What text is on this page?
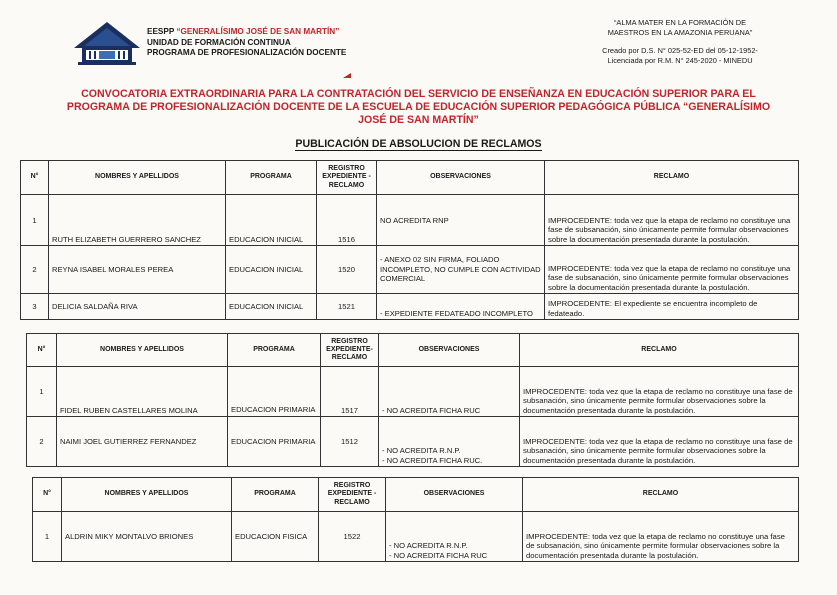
EESPP “GENERALÍSIMO JOSÉ DE SAN MARTÍN”
UNIDAD DE FORMACIÓN CONTINUA
PROGRAMA DE PROFESIONALIZACIÓN DOCENTE
“ALMA MATER EN LA FORMACIÓN DE
MAESTROS EN LA AMAZONIA PERUANA”
Creado por D.S. N° 025-52-ED del 05-12-1952-
Licenciada por R.M. N° 245-2020 - MINEDU
CONVOCATORIA EXTRAORDINARIA PARA LA CONTRATACIÓN DEL SERVICIO DE ENSEÑANZA EN EDUCACIÓN SUPERIOR PARA EL PROGRAMA DE PROFESIONALIZACIÓN DOCENTE DE LA ESCUELA DE EDUCACIÓN SUPERIOR PEDAGÓGICA PÚBLICA “GENERALÍSIMO JOSÉ DE SAN MARTÍN”
PUBLICACIÓN DE ABSOLUCION DE RECLAMOS
N°	NOMBRES Y APELLIDOS	PROGRAMA	REGISTRO EXPEDIENTE - RECLAMO	OBSERVACIONES	RECLAMO
1	RUTH ELIZABETH GUERRERO SANCHEZ	EDUCACION INICIAL	1516	NO ACREDITA RNP	IMPROCEDENTE: toda vez que la etapa de reclamo no constituye una fase de subsanación, sino únicamente permite formular observaciones sobre la documentación presentada durante la postulación.
2	REYNA ISABEL MORALES PEREA	EDUCACION INICIAL	1520	- ANEXO 02 SIN FIRMA, FOLIADO INCOMPLETO, NO CUMPLE CON ACTIVIDAD COMERCIAL	IMPROCEDENTE: toda vez que la etapa de reclamo no constituye una fase de subsanación, sino únicamente permite formular observaciones sobre la documentación presentada durante la postulación.
3	DELICIA SALDAÑA RIVA	EDUCACION INICIAL	1521	- EXPEDIENTE FEDATEADO INCOMPLETO	IMPROCEDENTE: El expediente se encuentra incompleto de fedateado.
N°	NOMBRES Y APELLIDOS	PROGRAMA	REGISTRO EXPEDIENTE- RECLAMO	OBSERVACIONES	RECLAMO
1	FIDEL RUBEN CASTELLARES MOLINA	EDUCACION PRIMARIA	1517	- NO ACREDITA FICHA RUC	IMPROCEDENTE: toda vez que la etapa de reclamo no constituye una fase de subsanación, sino únicamente permite formular observaciones sobre la documentación presentada durante la postulación.
2	NAIMI JOEL GUTIERREZ FERNANDEZ	EDUCACION PRIMARIA	1512	- NO ACREDITA R.N.P.
- NO ACREDITA FICHA RUC.	IMPROCEDENTE: toda vez que la etapa de reclamo no constituye una fase de subsanación, sino únicamente permite formular observaciones sobre la documentación presentada durante la postulación.
N°	NOMBRES Y APELLIDOS	PROGRAMA	REGISTRO EXPEDIENTE - RECLAMO	OBSERVACIONES	RECLAMO
1	ALDRIN MIKY MONTALVO BRIONES	EDUCACION FISICA	1522	- NO ACREDITA R.N.P.
- NO ACREDITA FICHA RUC	IMPROCEDENTE: toda vez que la etapa de reclamo no constituye una fase de subsanación, sino únicamente permite formular observaciones sobre la documentación presentada durante la postulación.
